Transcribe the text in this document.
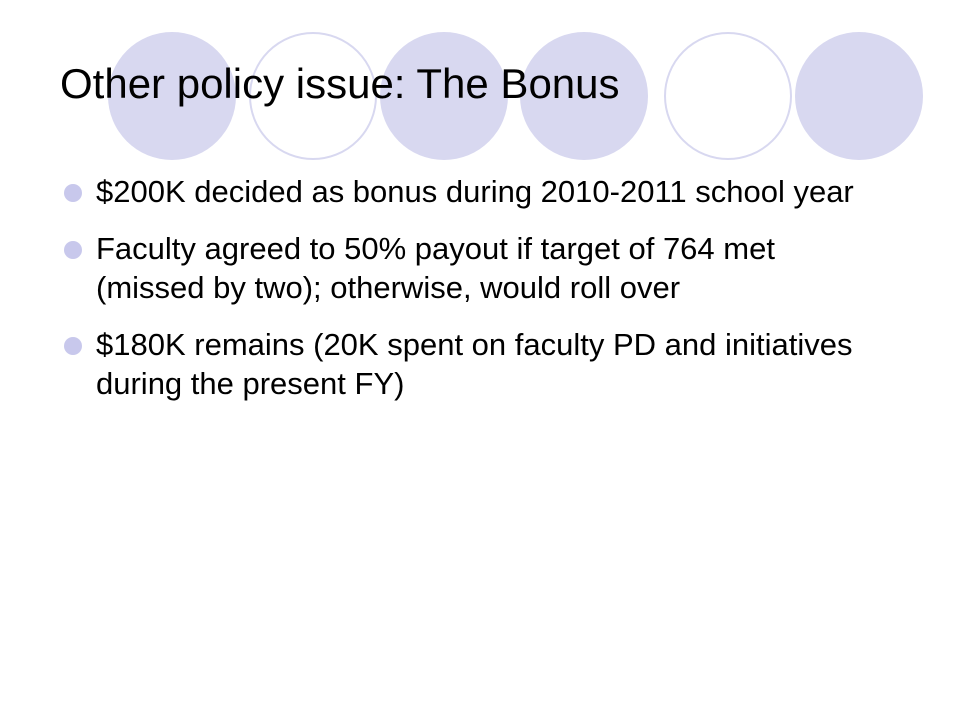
Other policy issue: The Bonus
$200K decided as bonus during 2010-2011 school year
Faculty agreed to 50% payout if target of 764 met (missed by two); otherwise, would roll over
$180K remains (20K spent on faculty PD and initiatives during the present FY)
